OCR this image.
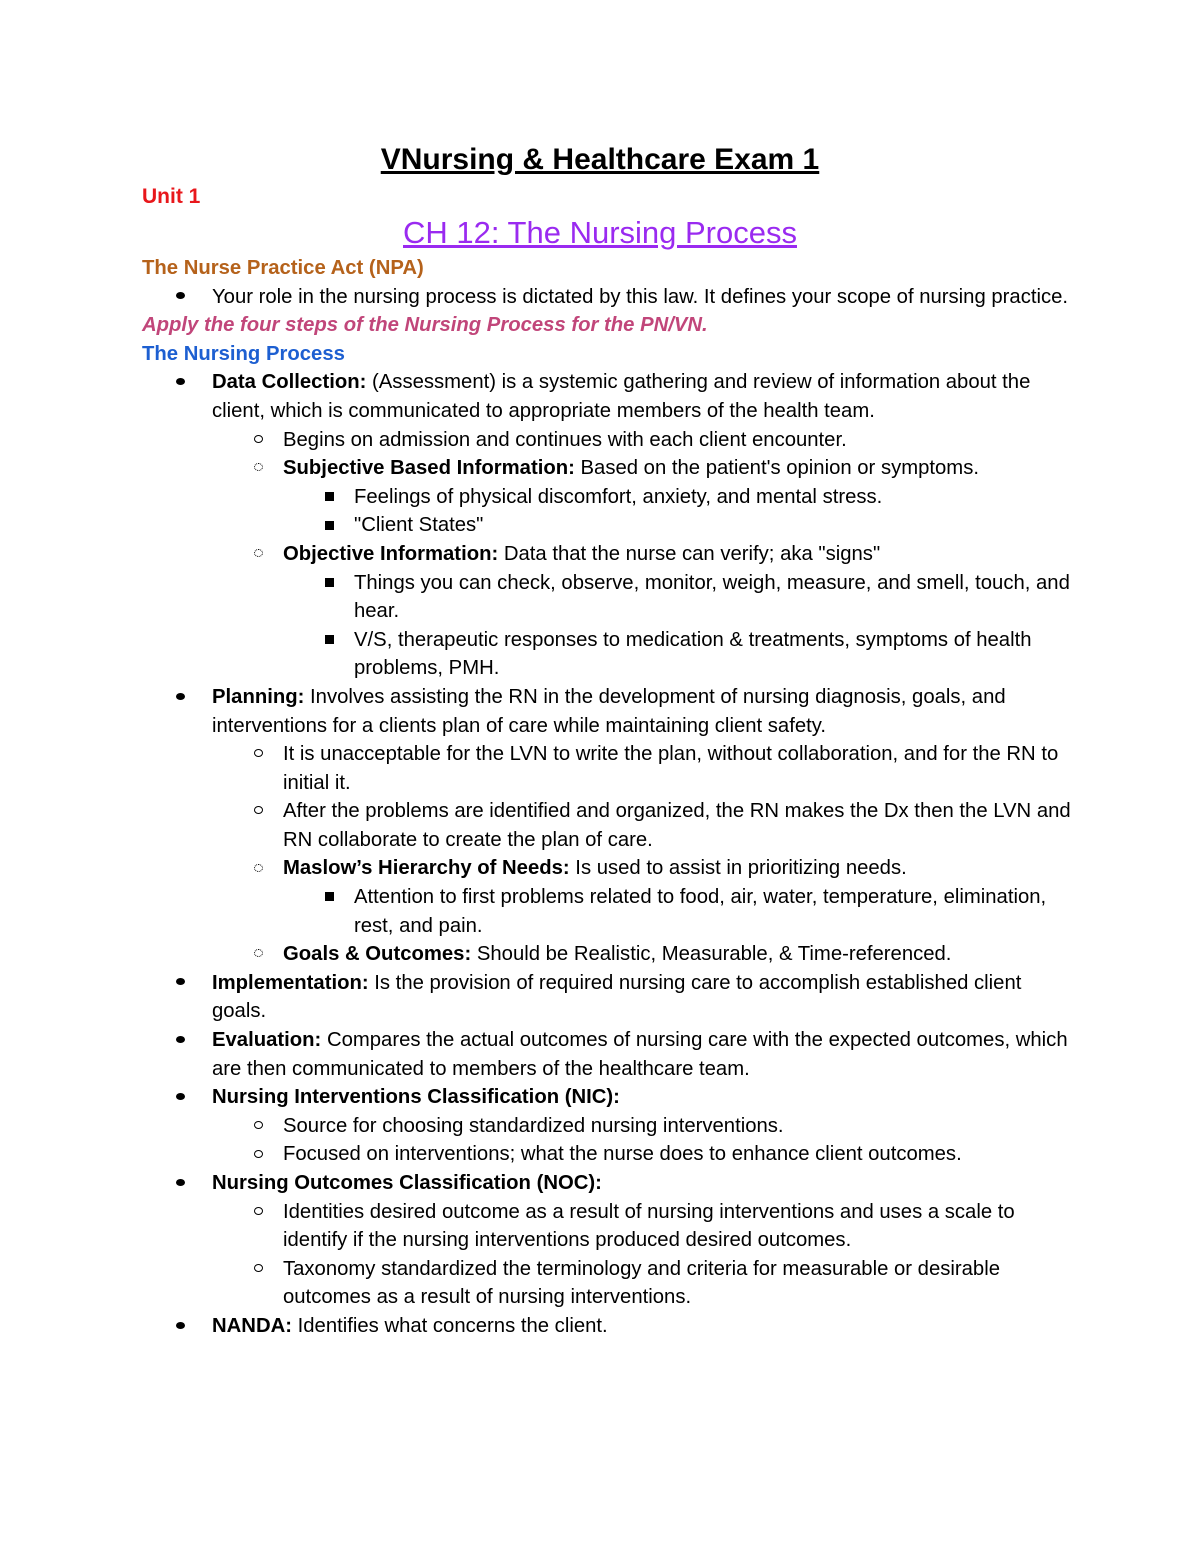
VNursing & Healthcare Exam 1
Unit 1
CH 12: The Nursing Process
The Nurse Practice Act (NPA)
Your role in the nursing process is dictated by this law. It defines your scope of nursing practice.
Apply the four steps of the Nursing Process for the PN/VN.
The Nursing Process
Data Collection: (Assessment) is a systemic gathering and review of information about the client, which is communicated to appropriate members of the health team.
Begins on admission and continues with each client encounter.
Subjective Based Information: Based on the patient's opinion or symptoms.
Feelings of physical discomfort, anxiety, and mental stress.
"Client States"
Objective Information: Data that the nurse can verify; aka "signs"
Things you can check, observe, monitor, weigh, measure, and smell, touch, and hear.
V/S, therapeutic responses to medication & treatments, symptoms of health problems, PMH.
Planning: Involves assisting the RN in the development of nursing diagnosis, goals, and interventions for a clients plan of care while maintaining client safety.
It is unacceptable for the LVN to write the plan, without collaboration, and for the RN to initial it.
After the problems are identified and organized, the RN makes the Dx then the LVN and RN collaborate to create the plan of care.
Maslow’s Hierarchy of Needs: Is used to assist in prioritizing needs.
Attention to first problems related to food, air, water, temperature, elimination, rest, and pain.
Goals & Outcomes: Should be Realistic, Measurable, & Time-referenced.
Implementation: Is the provision of required nursing care to accomplish established client goals.
Evaluation: Compares the actual outcomes of nursing care with the expected outcomes, which are then communicated to members of the healthcare team.
Nursing Interventions Classification (NIC):
Source for choosing standardized nursing interventions.
Focused on interventions; what the nurse does to enhance client outcomes.
Nursing Outcomes Classification (NOC):
Identities desired outcome as a result of nursing interventions and uses a scale to identify if the nursing interventions produced desired outcomes.
Taxonomy standardized the terminology and criteria for measurable or desirable outcomes as a result of nursing interventions.
NANDA: Identifies what concerns the client.
